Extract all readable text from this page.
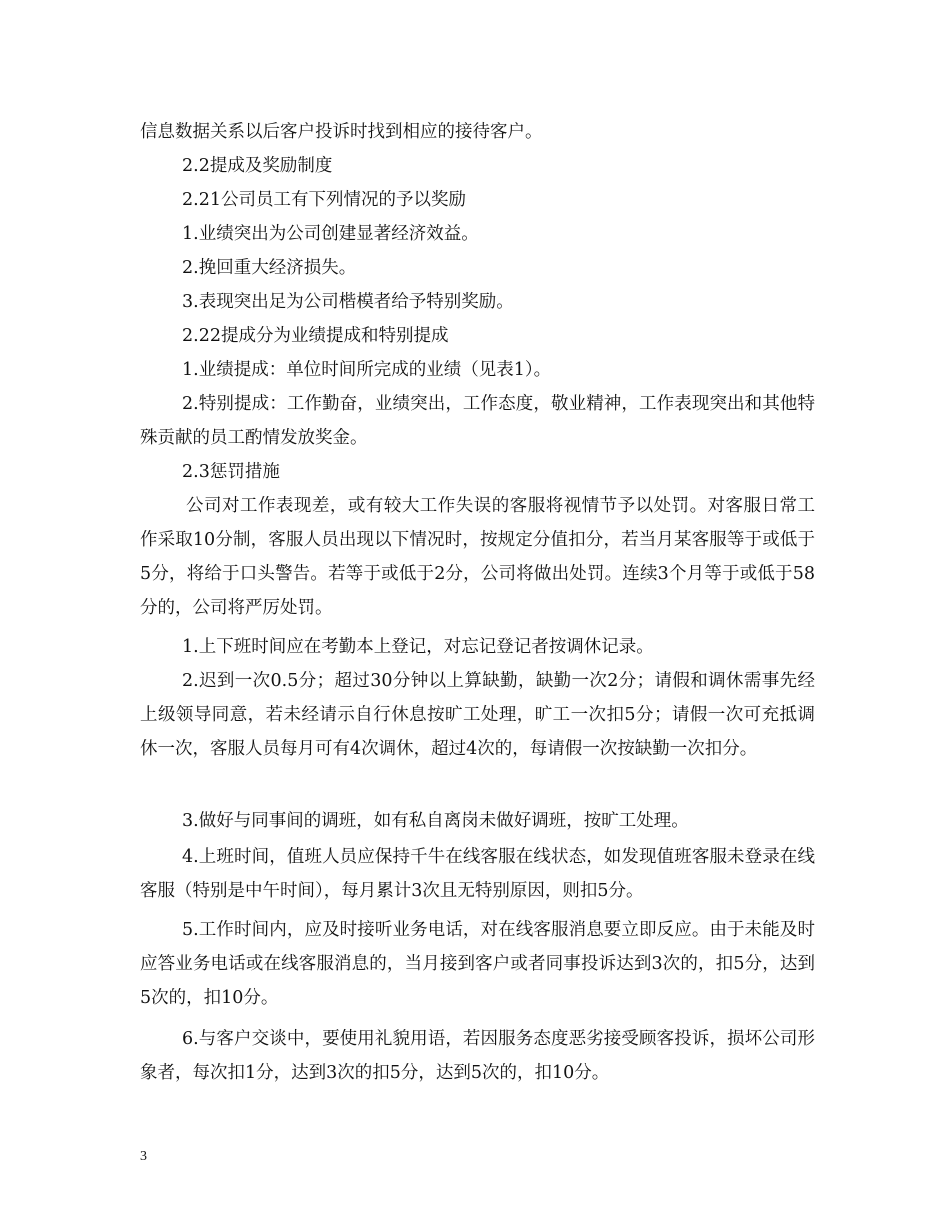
信息数据关系以后客户投诉时找到相应的接待客户。

2.2提成及奖励制度

2.21公司员工有下列情况的予以奖励

1.业绩突出为公司创建显著经济效益。

2.挽回重大经济损失。

3.表现突出足为公司楷模者给予特别奖励。

2.22提成分为业绩提成和特别提成

1.业绩提成：单位时间所完成的业绩（见表1）。

2.特别提成：工作勤奋，业绩突出，工作态度，敬业精神，工作表现突出和其他特殊贡献的员工酌情发放奖金。

2.3惩罚措施

公司对工作表现差，或有较大工作失误的客服将视情节予以处罚。对客服日常工作采取10分制，客服人员出现以下情况时，按规定分值扣分，若当月某客服等于或低于5分，将给于口头警告。若等于或低于2分，公司将做出处罚。连续3个月等于或低于58分的，公司将严厉处罚。

1.上下班时间应在考勤本上登记，对忘记登记者按调休记录。

2.迟到一次0.5分；超过30分钟以上算缺勤，缺勤一次2分；请假和调休需事先经上级领导同意，若未经请示自行休息按旷工处理，旷工一次扣5分；请假一次可充抵调休一次，客服人员每月可有4次调休，超过4次的，每请假一次按缺勤一次扣分。

3.做好与同事间的调班，如有私自离岗未做好调班，按旷工处理。

4.上班时间，值班人员应保持千牛在线客服在线状态，如发现值班客服未登录在线客服（特别是中午时间），每月累计3次且无特别原因，则扣5分。

5.工作时间内，应及时接听业务电话，对在线客服消息要立即反应。由于未能及时应答业务电话或在线客服消息的，当月接到客户或者同事投诉达到3次的，扣5分，达到5次的，扣10分。

6.与客户交谈中，要使用礼貌用语，若因服务态度恶劣接受顾客投诉，损坏公司形象者，每次扣1分，达到3次的扣5分，达到5次的，扣10分。

3
